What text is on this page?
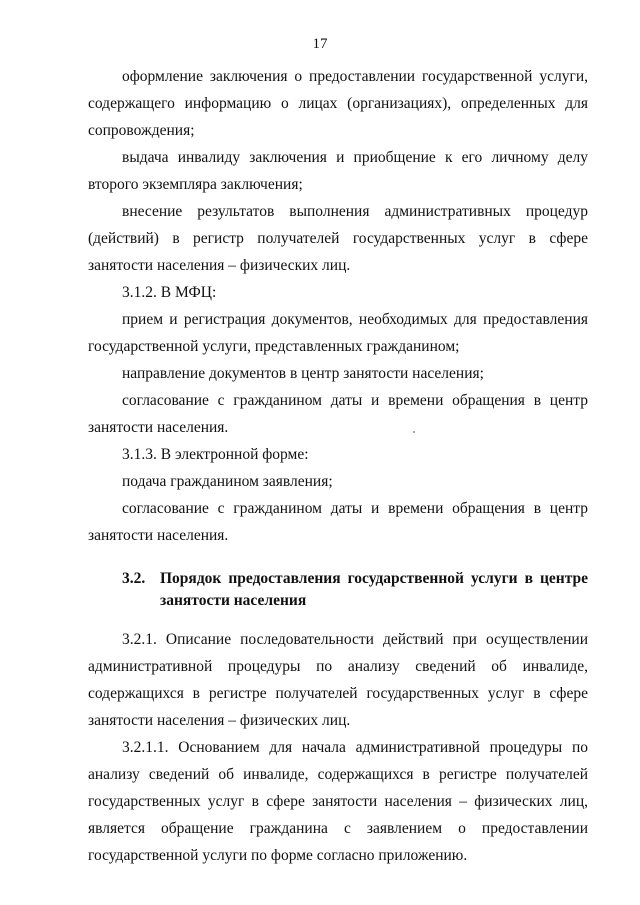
17

оформление заключения о предоставлении государственной услуги, содержащего информацию о лицах (организациях), определенных для сопровождения;

выдача инвалиду заключения и приобщение к его личному делу второго экземпляра заключения;

внесение результатов выполнения административных процедур (действий) в регистр получателей государственных услуг в сфере занятости населения – физических лиц.

3.1.2. В МФЦ:

прием и регистрация документов, необходимых для предоставления государственной услуги, представленных гражданином;

направление документов в центр занятости населения;

согласование с гражданином даты и времени обращения в центр занятости населения.

3.1.3. В электронной форме:

подача гражданином заявления;

согласование с гражданином даты и времени обращения в центр занятости населения.

3.2. Порядок предоставления государственной услуги в центре занятости населения

3.2.1. Описание последовательности действий при осуществлении административной процедуры по анализу сведений об инвалиде, содержащихся в регистре получателей государственных услуг в сфере занятости населения – физических лиц.

3.2.1.1. Основанием для начала административной процедуры по анализу сведений об инвалиде, содержащихся в регистре получателей государственных услуг в сфере занятости населения – физических лиц, является обращение гражданина с заявлением о предоставлении государственной услуги по форме согласно приложению.
